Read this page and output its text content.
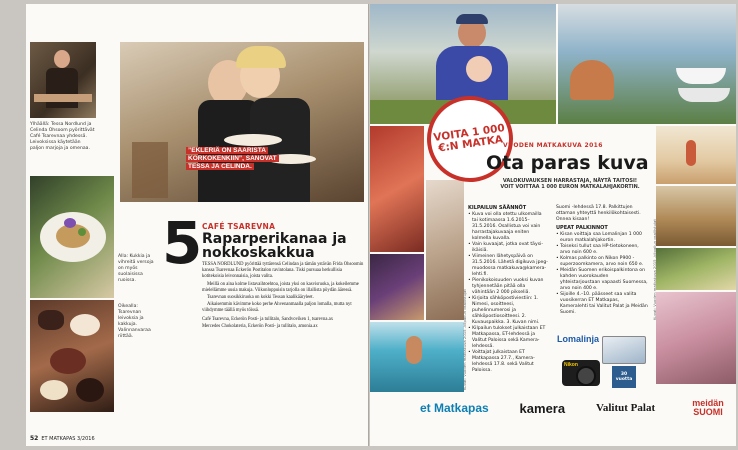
Ylhäällä: Tessa Nordlund ja Celinda Ohsoom pyörittävät Café Tsarevnaa yhdessä. Leivoksissa käytetään paljon marjoja ja omenaa.
Alla: Kukkia ja vihreitä versoja on myös suolaisissa ruoissa.
Oikealla: Tsarevnan leivoksia ja kakkuja. Valinnanvaraa riittää.
”EKLERIÄ ON SAARISTA KORKOKENKIIN”, SANOVAT TESSA JA CELINDA.
5 CAFÉ TSAREVNA
Raparperikanaa ja nokkoskakkua

TESSA NORDLUND pyörittää tyttärensä Celindan ja tämän ystävän Frida Ohsoomin kanssa Tsarevnaa Eckerön Postitalon ravintolana. Tiski pursuaa herkullisia kotitekoisia leivonnaisia, joista valita.

Meillä on aina kolme listavaihtoehtoa, joista yksi on kasvisruoka, ja kokeilemme mielellämme uusia makuja. Viikonloppuisin tarjolla on illallista pöydän ääressä.

Tsarevnan suosikkiruoka on kokki Tessan kaalikääryleet.

Aikaisemmin kävimme koko perhe Ahvenanmaalla paljon lomalla, mutta nyt viihdymme täällä myös töissä.

Café Tsarevna, Eckerön Posti- ja tullitalo, Sandvoviken 1, tsarevna.ax

Mercedes Chokolateria, Eckerön Posti- ja tullitalo, amonia.ax

52 ET MATKAPAS 3/2016
VOITA 1 000 €:N MATKA VUODEN MATKAKUVA 2016
Ota paras kuva
VALOKUVAUKSEN HARRASTAJA, NÄYTÄ TAITOSI! VOIT VOITTAA 1 000 EURON MATKALAHJAKORTIN.
KILPAILUN SÄÄNNÖT

• Kuva voi olla otettu ulkomailla tai kotimaassa 1.6.2015–31.5.2016. Osallistua voi vain harrastajakuvaaja eniten kolmella kuvalla.

• Vain kuvaajat, jotka ovat täysi-ikäisiä.

• Viimeinen lähetyspäivä on 31.5.2016. Lähetä digikuva jpeg-muodossa matkakuva@kamera-lehti.fi.

• Pienikokoisuuden vuoksi kuvan tyhjennetään pitää olla vähintään 2 000 pikseliä.

• Kirjoita sähköpostiviestiin: 1. Nimesi, osoitteesi, puhelinnumerosi ja sähköpostiosoitteesi. 2. Kuvauspaikka. 3. Kuvan nimi.

• Kilpailun tulokset julkaistaan ET Matkapassa, ET-lehdessä ja Valitut Paloissa sekä Kamera-lehdessä.

• Voittajat julkaistaan ET Matkapassa 27.7., Kamera-lehdessä 17.8. sekä Valitut Paloissa.

Suomi -lehdessä 17.8. Palkittujen ottaman yhteyttä henkilökohtaisesti. Onnea kisaan!

UPEAT PALKINNOT

• Kisan voittaja saa Lomalinjan 1 000 euron matkalahjakortin.

• Toiseksi tullut saa HP-tietokoneen, arvo noin 600 e.

• Kolmas palkinto on Nikon P900 -superzoomkamera, arvo noin 650 e.

• Meidän Suomen erikoispalkintona on kahden vuorokauden yhteistarjoustaan vapaasti Suomessa, arvo noin 400 e.

• Sijoille 4.–10. päässeet saa valita vuosikerran ET Matkapas, Kameralehti tai Valitut Palat ja Meidän Suomi.

Lomalinja
Nikon
30 vuotta
Kuvat: Vuoden matkakuva 2015 -kilpailun osallistujat
Kuvat: Vuoden matkakuva 2015 -kilpailun osallistujat
et Matkapas kamera	Valitut Palat	meidän SUOMI
